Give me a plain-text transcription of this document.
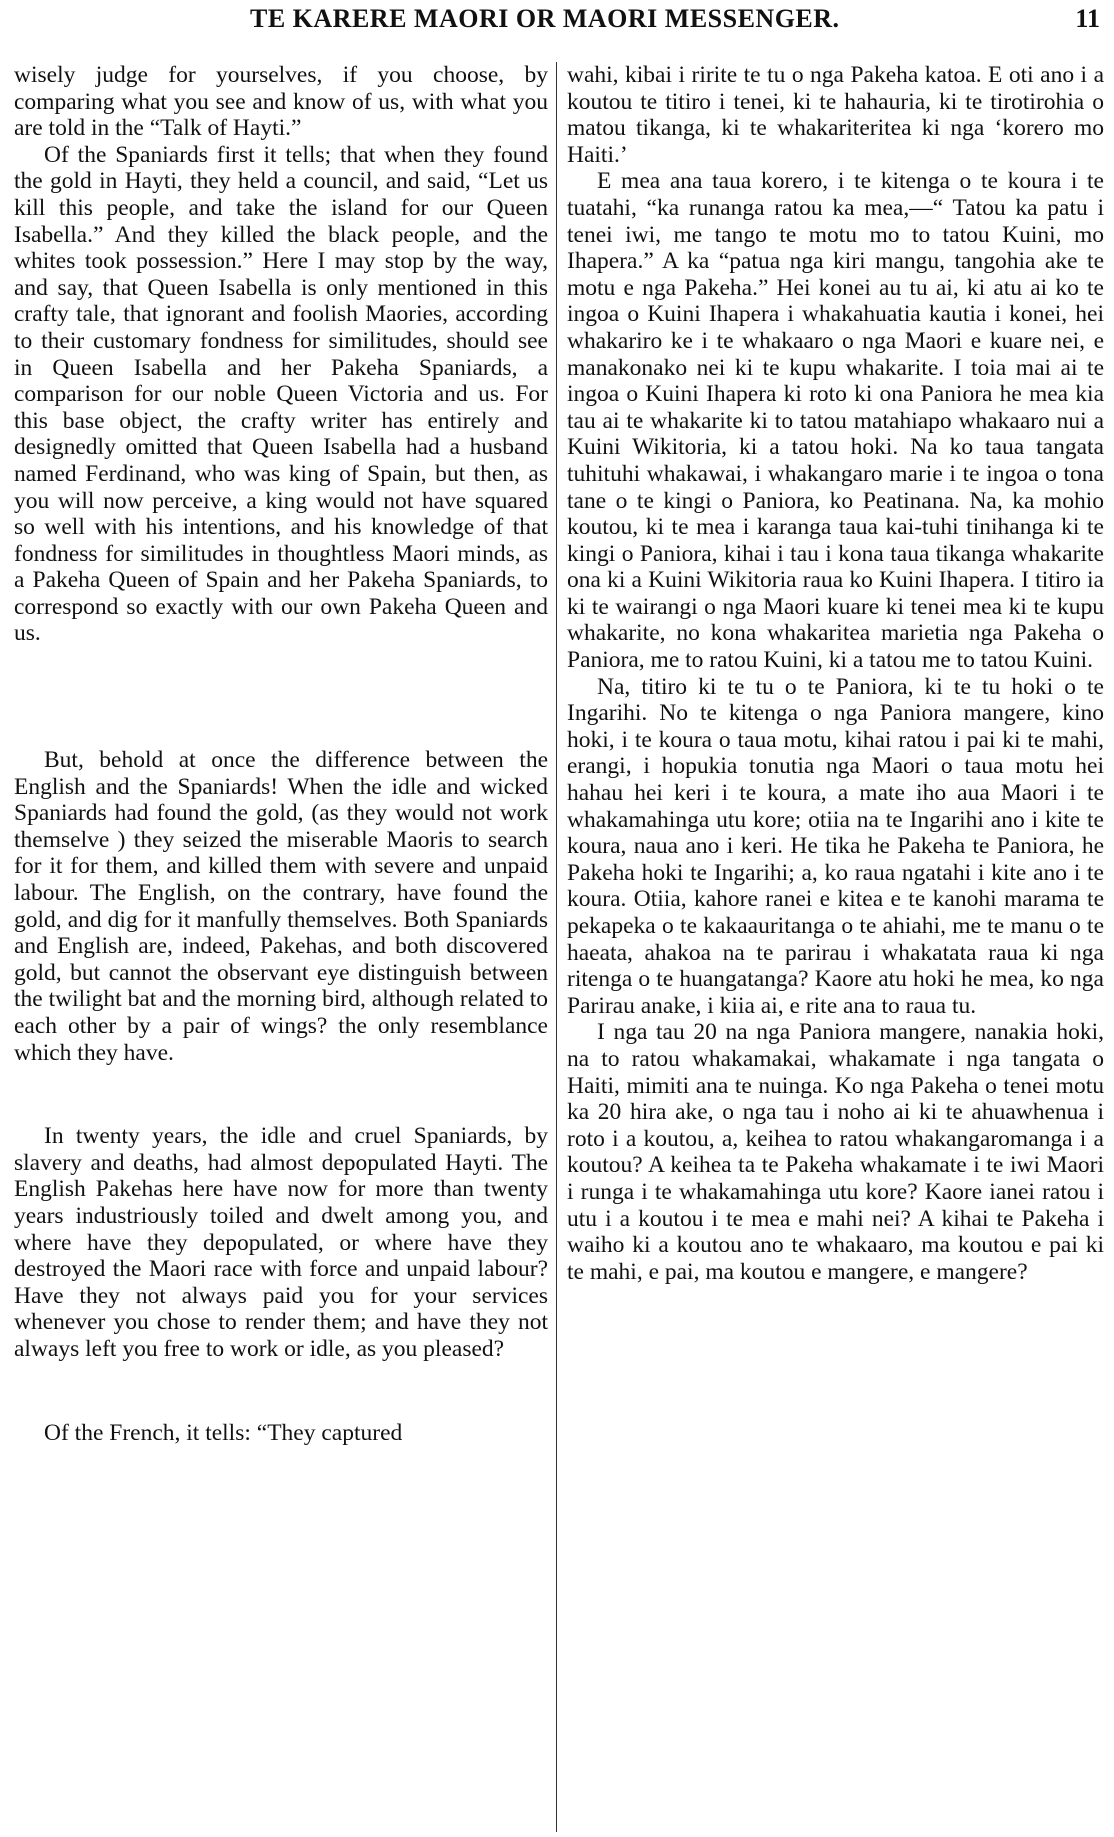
TE KARERE MAORI OR MAORI MESSENGER.	11

wisely judge for yourselves, if you choose, by comparing what you see and know of us, with what you are told in the “Talk of Hayti.”

Of the Spaniards first it tells; that when they found the gold in Hayti, they held a council, and said, “Let us kill this people, and take the island for our Queen Isabella.” And they killed the black people, and the whites took possession.” Here I may stop by the way, and say, that Queen Isabella is only mentioned in this crafty tale, that ignorant and foolish Maories, according to their customary fondness for similitudes, should see in Queen Isabella and her Pakeha Spaniards, a comparison for our noble Queen Victoria and us. For this base object, the crafty writer has entirely and designedly omitted that Queen Isabella had a husband named Ferdinand, who was king of Spain, but then, as you will now perceive, a king would not have squared so well with his intentions, and his knowledge of that fondness for similitudes in thoughtless Maori minds, as a Pakeha Queen of Spain and her Pakeha Spaniards, to correspond so exactly with our own Pakeha Queen and us.

But, behold at once the difference between the English and the Spaniards! When the idle and wicked Spaniards had found the gold, (as they would not work themselve ) they seized the miserable Maoris to search for it for them, and killed them with severe and unpaid labour. The English, on the contrary, have found the gold, and dig for it manfully themselves. Both Spaniards and English are, indeed, Pakehas, and both discovered gold, but cannot the observant eye distinguish between the twilight bat and the morning bird, although related to each other by a pair of wings? the only resemblance which they have.

In twenty years, the idle and cruel Spaniards, by slavery and deaths, had almost depopulated Hayti. The English Pakehas here have now for more than twenty years industriously toiled and dwelt among you, and where have they depopulated, or where have they destroyed the Maori race with force and unpaid labour? Have they not always paid you for your services whenever you chose to render them; and have they not always left you free to work or idle, as you pleased?

Of the French, it tells: “They captured

wahi, kibai i ririte te tu o nga Pakeha katoa. E oti ano i a koutou te titiro i tenei, ki te hahauria, ki te tirotirohia o matou tikanga, ki te whakariteritea ki nga ‘korero mo Haiti.’

E mea ana taua korero, i te kitenga o te koura i te tuatahi, “ka runanga ratou ka mea,—“ Tatou ka patu i tenei iwi, me tango te motu mo to tatou Kuini, mo Ihapera.” A ka “patua nga kiri mangu, tangohia ake te motu e nga Pakeha.” Hei konei au tu ai, ki atu ai ko te ingoa o Kuini Ihapera i whakahuatia kautia i konei, hei whakariro ke i te whakaaro o nga Maori e kuare nei, e manakonako nei ki te kupu whakarite. I toia mai ai te ingoa o Kuini Ihapera ki roto ki ona Paniora he mea kia tau ai te whakarite ki to tatou matahiapo whakaaro nui a Kuini Wikitoria, ki a tatou hoki. Na ko taua tangata tuhituhi whakawai, i whakangaro marie i te ingoa o tona tane o te kingi o Paniora, ko Peatinana. Na, ka mohio koutou, ki te mea i karanga taua kai-tuhi tinihanga ki te kingi o Paniora, kihai i tau i kona taua tikanga whakarite ona ki a Kuini Wikitoria raua ko Kuini Ihapera. I titiro ia ki te wairangi o nga Maori kuare ki tenei mea ki te kupu whakarite, no kona whakaritea marietia nga Pakeha o Paniora, me to ratou Kuini, ki a tatou me to tatou Kuini.

Na, titiro ki te tu o te Paniora, ki te tu hoki o te Ingarihi. No te kitenga o nga Paniora mangere, kino hoki, i te koura o taua motu, kihai ratou i pai ki te mahi, erangi, i hopukia tonutia nga Maori o taua motu hei hahau hei keri i te koura, a mate iho aua Maori i te whakamahinga utu kore; otiia na te Ingarihi ano i kite te koura, naua ano i keri. He tika he Pakeha te Paniora, he Pakeha hoki te Ingarihi; a, ko raua ngatahi i kite ano i te koura. Otiia, kahore ranei e kitea e te kanohi marama te pekapeka o te kakaauritanga o te ahiahi, me te manu o te haeata, ahakoa na te parirau i whakatata raua ki nga ritenga o te huangatanga? Kaore atu hoki he mea, ko nga Parirau anake, i kiia ai, e rite ana to raua tu.

I nga tau 20 na nga Paniora mangere, nanakia hoki, na to ratou whakamakai, whakamate i nga tangata o Haiti, mimiti ana te nuinga. Ko nga Pakeha o tenei motu ka 20 hira ake, o nga tau i noho ai ki te ahuawhenua i roto i a koutou, a, keihea to ratou whakangaromanga i a koutou? A keihea ta te Pakeha whakamate i te iwi Maori i runga i te whakamahinga utu kore? Kaore ianei ratou i utu i a koutou i te mea e mahi nei? A kihai te Pakeha i waiho ki a koutou ano te whakaaro, ma koutou e pai ki te mahi, e pai, ma koutou e mangere, e mangere?
